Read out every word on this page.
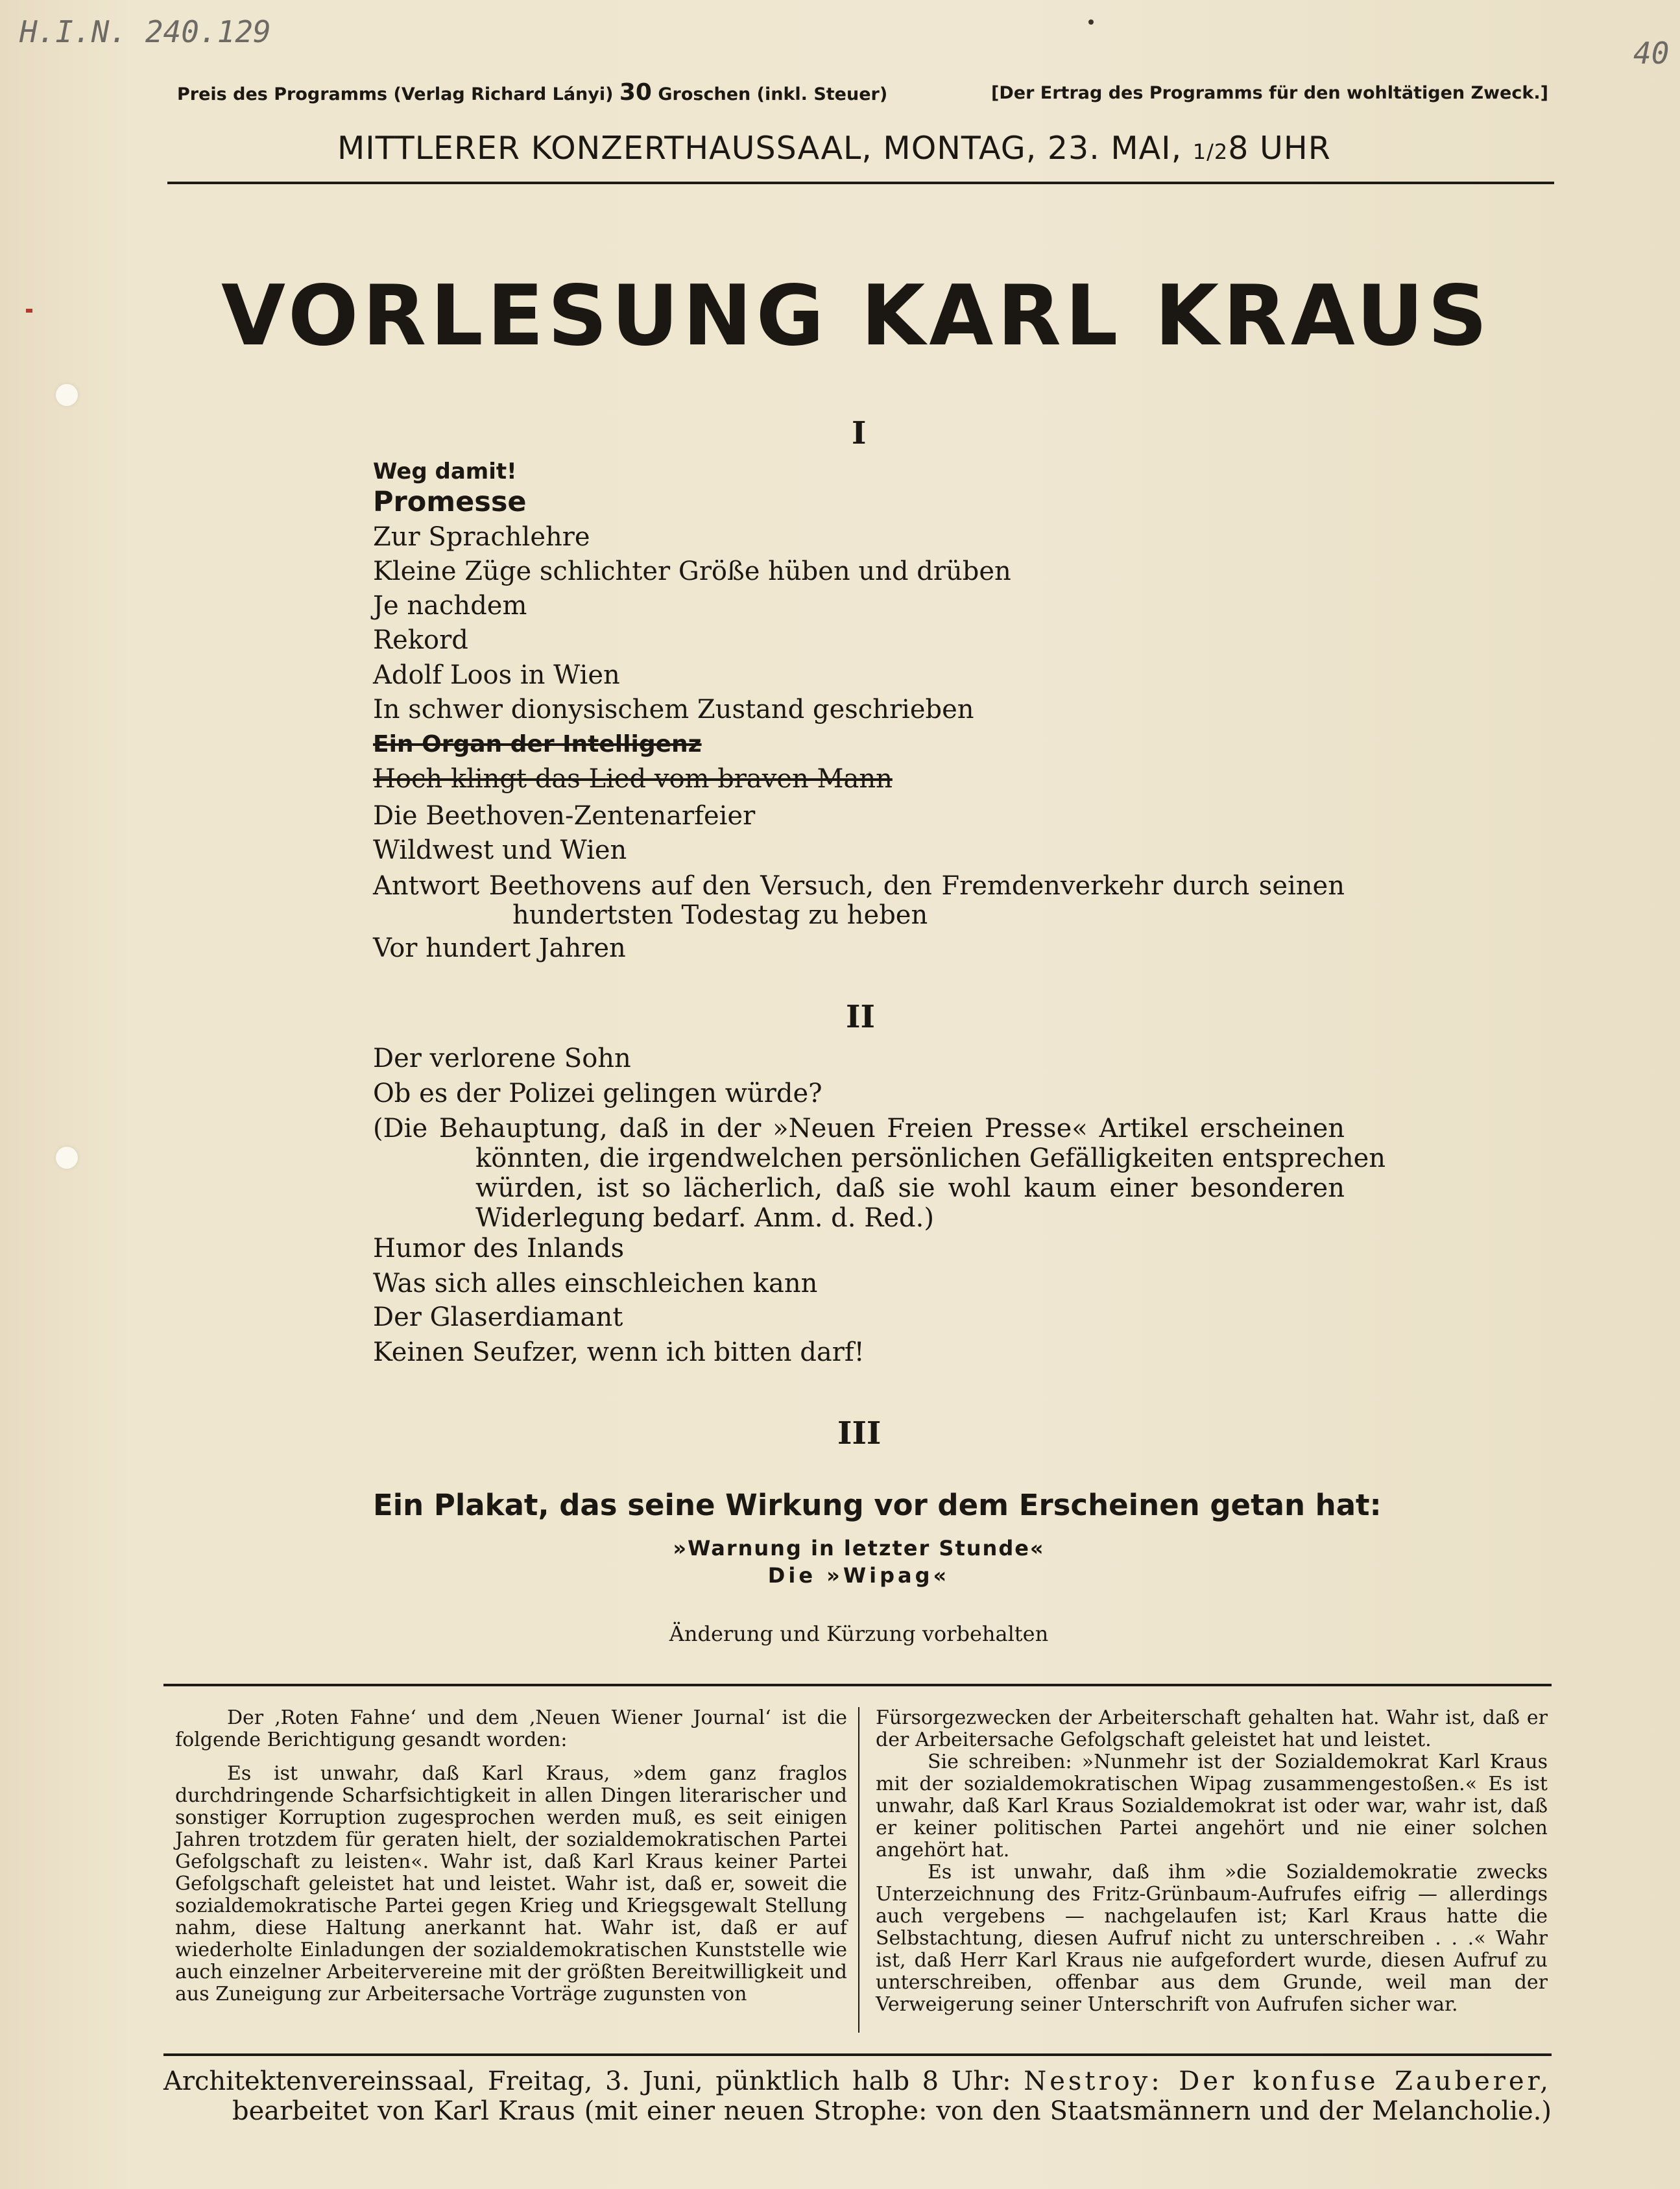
H.I.N. 240.129
40
Preis des Programms (Verlag Richard Lányi) 30 Groschen (inkl. Steuer)	[Der Ertrag des Programms für den wohltätigen Zweck.]
MITTLERER KONZERTHAUSSAAL, MONTAG, 23. MAI, 1/28 UHR
VORLESUNG KARL KRAUS
I
Weg damit!
Promesse
Zur Sprachlehre
Kleine Züge schlichter Größe hüben und drüben
Je nachdem
Rekord
Adolf Loos in Wien
In schwer dionysischem Zustand geschrieben
Ein Organ der Intelligenz
Hoch klingt das Lied vom braven Mann
Die Beethoven-Zentenarfeier
Wildwest und Wien
Antwort Beethovens auf den Versuch, den Fremdenverkehr durch seinen
hundertsten Todestag zu heben
Vor hundert Jahren
II
Der verlorene Sohn
Ob es der Polizei gelingen würde?
(Die Behauptung, daß in der »Neuen Freien Presse« Artikel erscheinen
könnten, die irgendwelchen persönlichen Gefälligkeiten entsprechen
würden, ist so lächerlich, daß sie wohl kaum einer besonderen
Widerlegung bedarf. Anm. d. Red.)
Humor des Inlands
Was sich alles einschleichen kann
Der Glaserdiamant
Keinen Seufzer, wenn ich bitten darf!
III
Ein Plakat, das seine Wirkung vor dem Erscheinen getan hat:
»Warnung in letzter Stunde«
Die »Wipag«
Änderung und Kürzung vorbehalten

Der ‚Roten Fahne‘ und dem ‚Neuen Wiener Journal‘ ist die folgende Berichtigung gesandt worden:

Es ist unwahr, daß Karl Kraus, »dem ganz fraglos durchdringende Scharfsichtigkeit in allen Dingen literarischer und sonstiger Korruption zugesprochen werden muß, es seit einigen Jahren trotzdem für geraten hielt, der sozialdemokratischen Partei Gefolgschaft zu leisten«. Wahr ist, daß Karl Kraus keiner Partei Gefolgschaft geleistet hat und leistet. Wahr ist, daß er, soweit die sozialdemokratische Partei gegen Krieg und Kriegsgewalt Stellung nahm, diese Haltung anerkannt hat. Wahr ist, daß er auf wiederholte Einladungen der sozialdemokratischen Kunststelle wie auch einzelner Arbeitervereine mit der größten Bereitwilligkeit und aus Zuneigung zur Arbeitersache Vorträge zugunsten von

Fürsorgezwecken der Arbeiterschaft gehalten hat. Wahr ist, daß er der Arbeitersache Gefolgschaft geleistet hat und leistet.

Sie schreiben: »Nunmehr ist der Sozialdemokrat Karl Kraus mit der sozialdemokratischen Wipag zusammengestoßen.« Es ist unwahr, daß Karl Kraus Sozialdemokrat ist oder war, wahr ist, daß er keiner politischen Partei angehört und nie einer solchen angehört hat.

Es ist unwahr, daß ihm »die Sozialdemokratie zwecks Unterzeichnung des Fritz-Grünbaum-Aufrufes eifrig — allerdings auch vergebens — nachgelaufen ist; Karl Kraus hatte die Selbstachtung, diesen Aufruf nicht zu unterschreiben . . .« Wahr ist, daß Herr Karl Kraus nie aufgefordert wurde, diesen Aufruf zu unterschreiben, offenbar aus dem Grunde, weil man der Verweigerung seiner Unterschrift von Aufrufen sicher war.

Architektenvereinssaal, Freitag, 3. Juni, pünktlich halb 8 Uhr: Nestroy: Der konfuse Zauberer,
bearbeitet von Karl Kraus (mit einer neuen Strophe: von den Staatsmännern und der Melancholie.)
